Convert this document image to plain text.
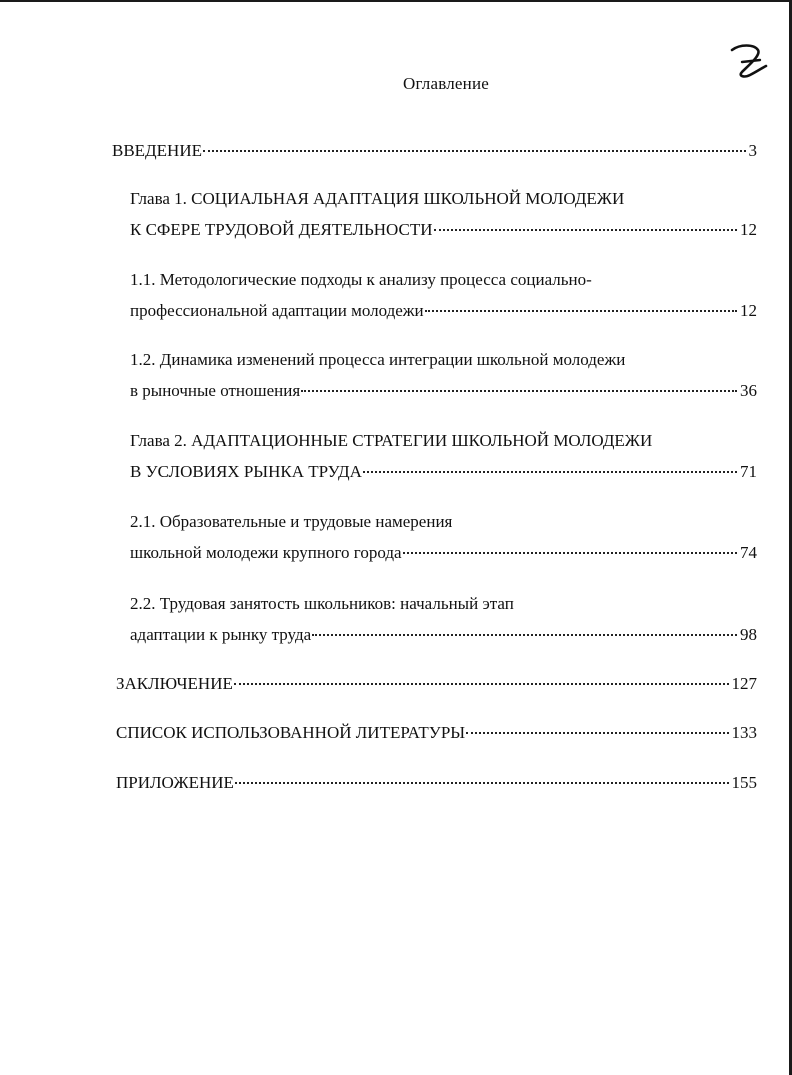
Оглавление
ВВЕДЕНИЕ	3
Глава 1. СОЦИАЛЬНАЯ АДАПТАЦИЯ ШКОЛЬНОЙ МОЛОДЕЖИ
К СФЕРЕ ТРУДОВОЙ ДЕЯТЕЛЬНОСТИ	12
1.1. Методологические подходы к анализу процесса социально-
профессиональной адаптации молодежи	12
1.2. Динамика изменений процесса интеграции школьной молодежи
в рыночные отношения	36
Глава 2. АДАПТАЦИОННЫЕ СТРАТЕГИИ ШКОЛЬНОЙ МОЛОДЕЖИ
В УСЛОВИЯХ РЫНКА ТРУДА	71
2.1. Образовательные и трудовые намерения
школьной молодежи крупного города	74
2.2. Трудовая занятость школьников: начальный этап
адаптации к рынку труда	98
ЗАКЛЮЧЕНИЕ	127
СПИСОК ИСПОЛЬЗОВАННОЙ ЛИТЕРАТУРЫ	133
ПРИЛОЖЕНИЕ	155
